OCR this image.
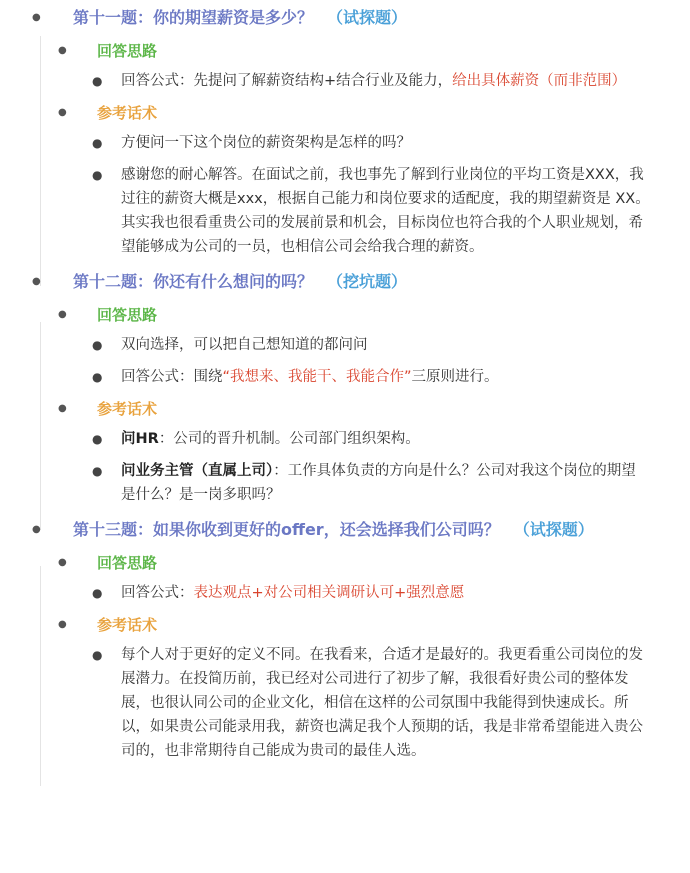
● 第十一题：你的期望薪资是多少？ （试探题）
● 回答思路
● 回答公式：先提问了解薪资结构+结合行业及能力，给出具体薪资（而非范围）
● 参考话术
● 方便问一下这个岗位的薪资架构是怎样的吗？
● 感谢您的耐心解答。在面试之前，我也事先了解到行业岗位的平均工资是XXX，我过往的薪资大概是xxx，根据自己能力和岗位要求的适配度，我的期望薪资是 XX。其实我也很看重贵公司的发展前景和机会，目标岗位也符合我的个人职业规划，希望能够成为公司的一员，也相信公司会给我合理的薪资。
● 第十二题：你还有什么想问的吗？ （挖坑题）
● 回答思路
● 双向选择，可以把自己想知道的都问问
● 回答公式：围绕“我想来、我能干、我能合作”三原则进行。
● 参考话术
● 问HR：公司的晋升机制。公司部门组织架构。
● 问业务主管（直属上司）：工作具体负责的方向是什么？公司对我这个岗位的期望是什么？是一岗多职吗？
● 第十三题：如果你收到更好的offer，还会选择我们公司吗？ （试探题）
● 回答思路
● 回答公式：表达观点+对公司相关调研认可+强烈意愿
● 参考话术
● 每个人对于更好的定义不同。在我看来，合适才是最好的。我更看重公司岗位的发展潜力。在投简历前，我已经对公司进行了初步了解，我很看好贵公司的整体发展，也很认同公司的企业文化，相信在这样的公司氛围中我能得到快速成长。所以，如果贵公司能录用我，薪资也满足我个人预期的话，我是非常希望能进入贵公司的，也非常期待自己能成为贵司的最佳人选。
